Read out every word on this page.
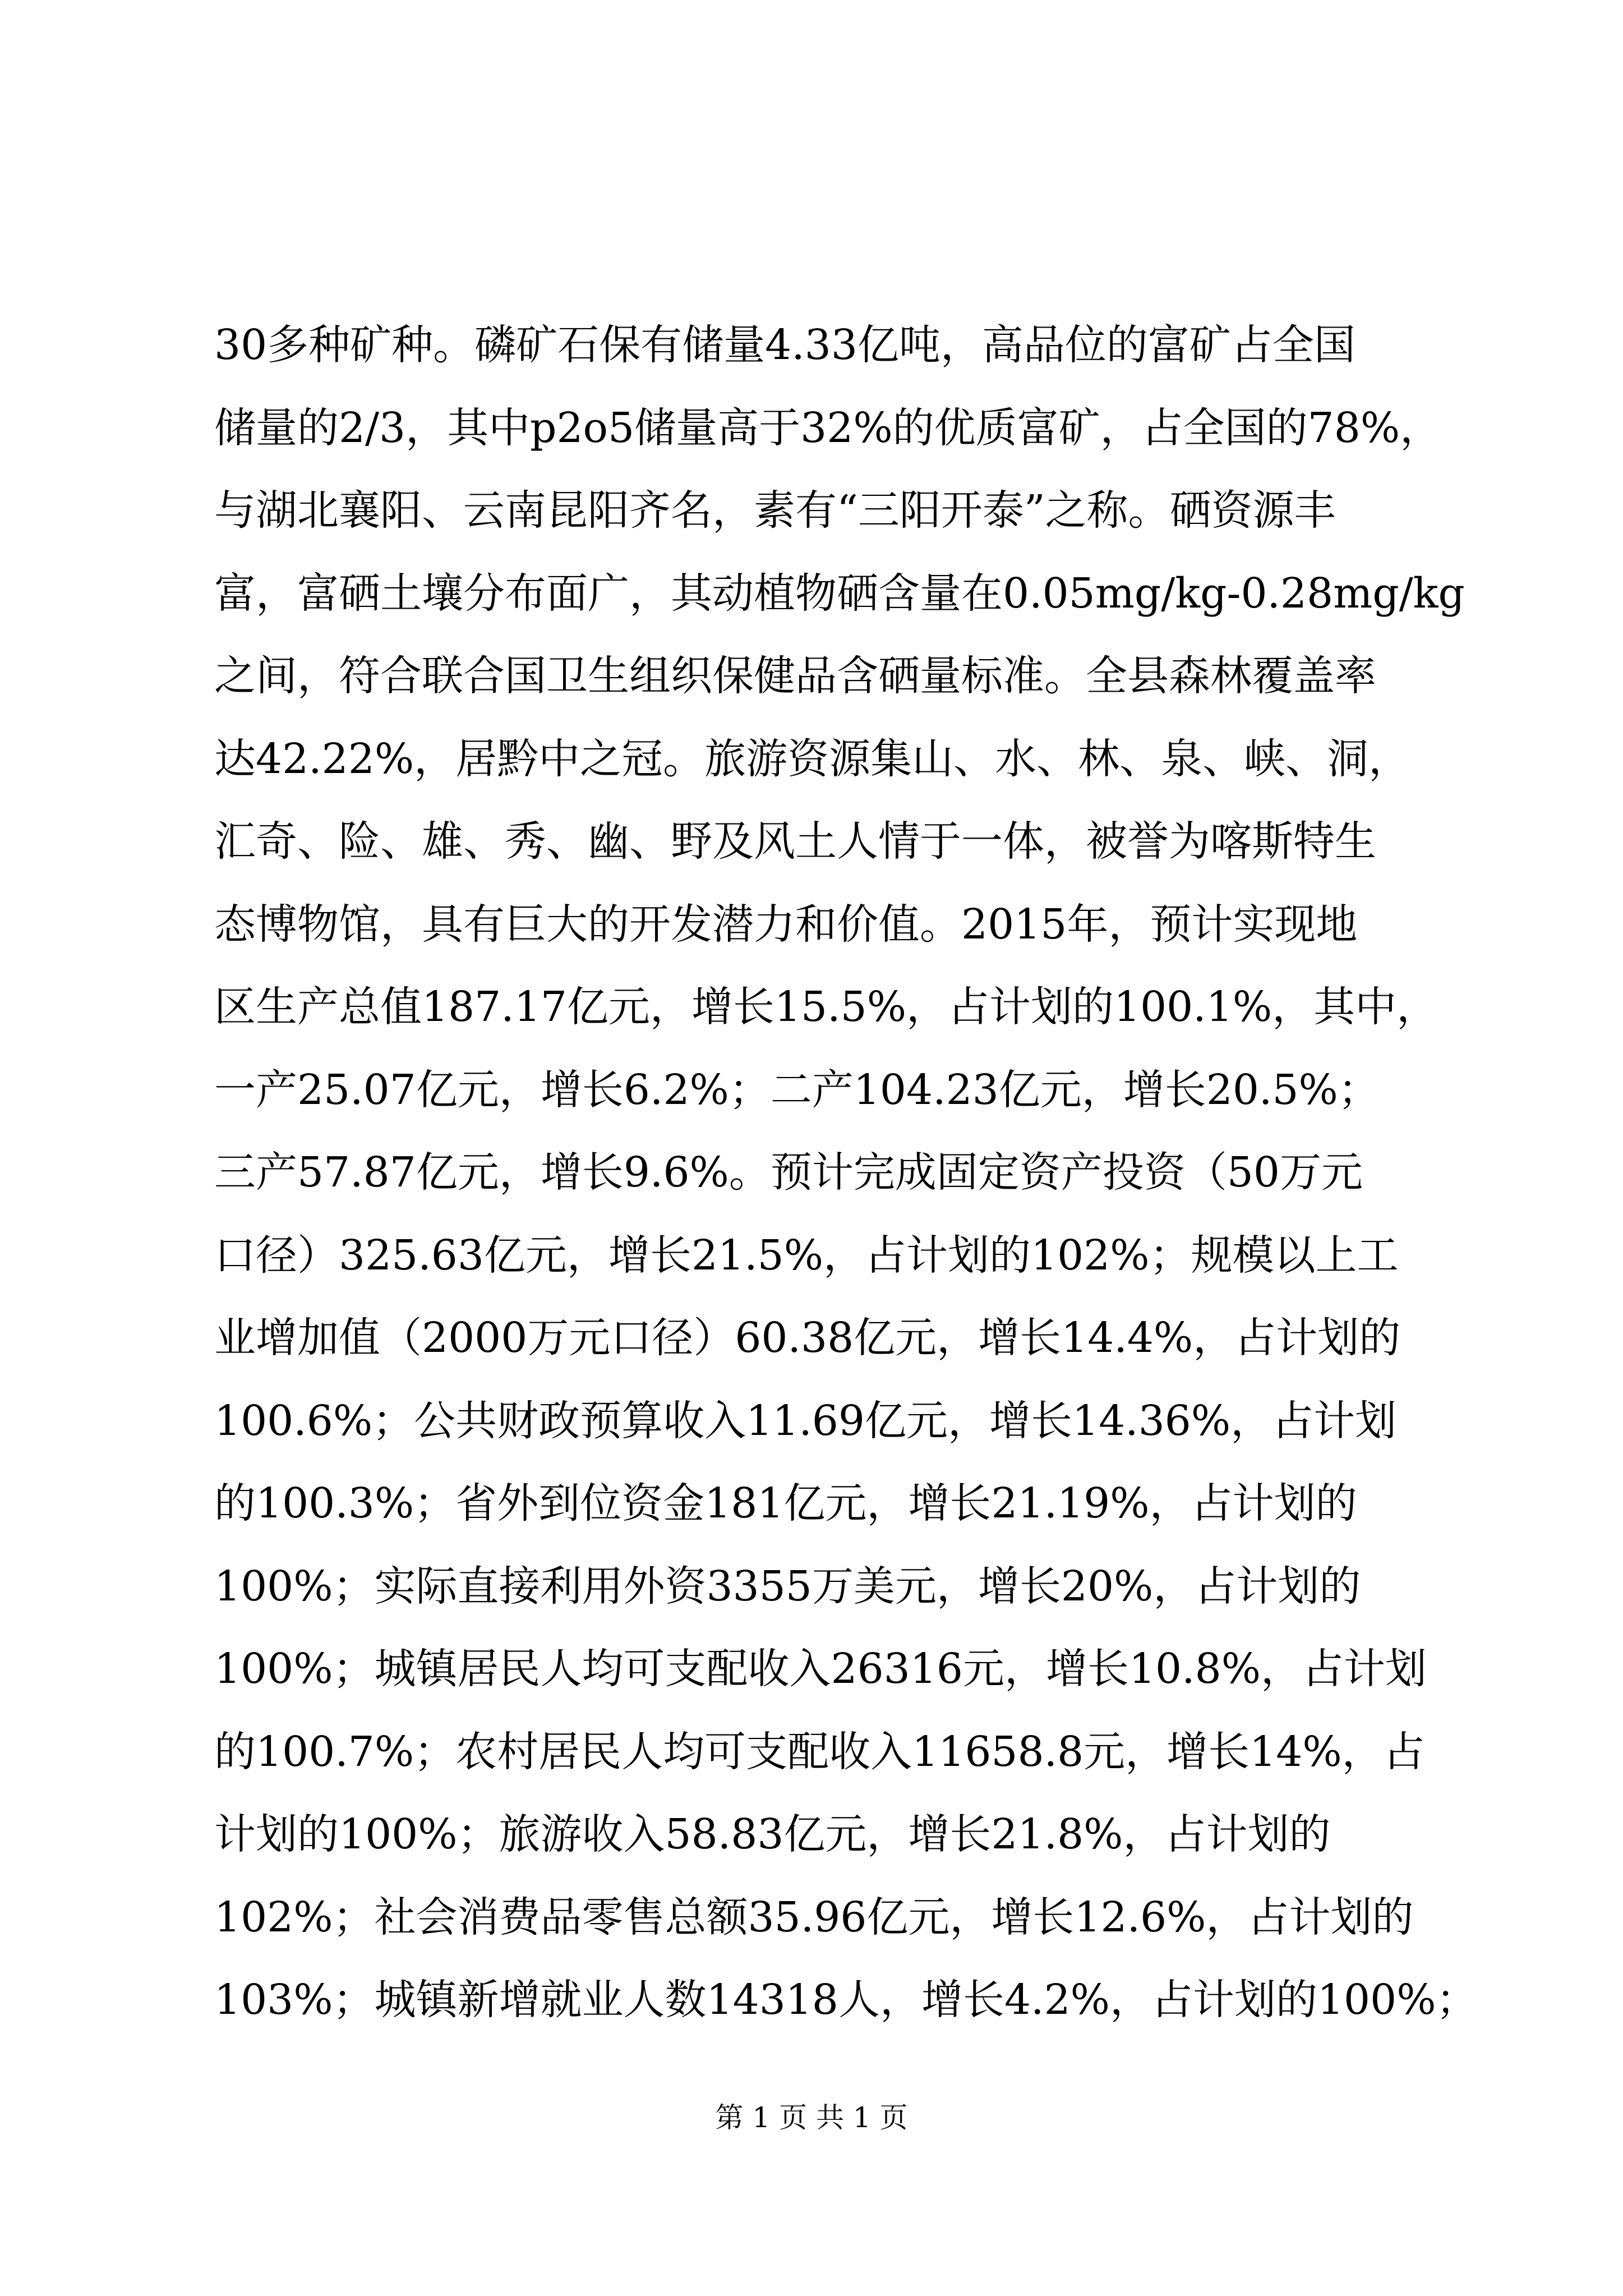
30多种矿种。磷矿石保有储量4.33亿吨，高品位的富矿占全国
储量的2/3，其中p2o5储量高于32%的优质富矿，占全国的78%，
与湖北襄阳、云南昆阳齐名，素有“三阳开泰”之称。硒资源丰
富，富硒土壤分布面广，其动植物硒含量在0.05mg/kg-0.28mg/kg
之间，符合联合国卫生组织保健品含硒量标准。全县森林覆盖率
达42.22%，居黔中之冠。旅游资源集山、水、林、泉、峡、洞，
汇奇、险、雄、秀、幽、野及风土人情于一体，被誉为喀斯特生
态博物馆，具有巨大的开发潜力和价值。2015年，预计实现地
区生产总值187.17亿元，增长15.5%，占计划的100.1%，其中，
一产25.07亿元，增长6.2%；二产104.23亿元，增长20.5%；
三产57.87亿元，增长9.6%。预计完成固定资产投资（50万元
口径）325.63亿元，增长21.5%，占计划的102%；规模以上工
业增加值（2000万元口径）60.38亿元，增长14.4%，占计划的
100.6%；公共财政预算收入11.69亿元，增长14.36%，占计划
的100.3%；省外到位资金181亿元，增长21.19%，占计划的
100%；实际直接利用外资3355万美元，增长20%，占计划的
100%；城镇居民人均可支配收入26316元，增长10.8%，占计划
的100.7%；农村居民人均可支配收入11658.8元，增长14%，占
计划的100%；旅游收入58.83亿元，增长21.8%，占计划的
102%；社会消费品零售总额35.96亿元，增长12.6%，占计划的
103%；城镇新增就业人数14318人，增长4.2%，占计划的100%；
第 1 页 共 1 页
